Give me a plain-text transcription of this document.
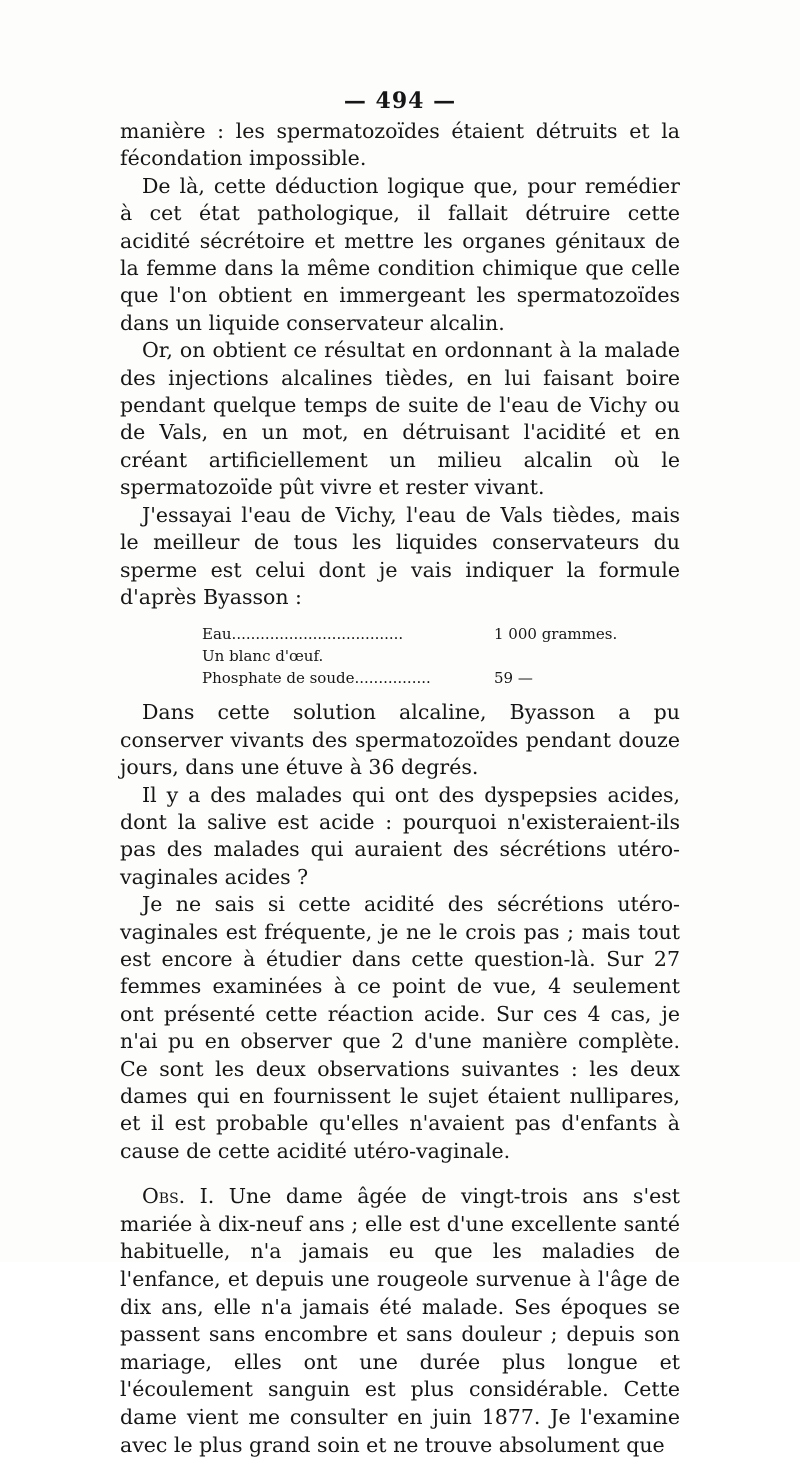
— 494 —

manière : les spermatozoïdes étaient détruits et la fécondation impossible.

De là, cette déduction logique que, pour remédier à cet état pathologique, il fallait détruire cette acidité sécrétoire et mettre les organes génitaux de la femme dans la même condition chimique que celle que l'on obtient en immergeant les spermatozoïdes dans un liquide conservateur alcalin.

Or, on obtient ce résultat en ordonnant à la malade des injections alcalines tièdes, en lui faisant boire pendant quelque temps de suite de l'eau de Vichy ou de Vals, en un mot, en détruisant l'acidité et en créant artificiellement un milieu alcalin où le spermatozoïde pût vivre et rester vivant.

J'essayai l'eau de Vichy, l'eau de Vals tièdes, mais le meilleur de tous les liquides conservateurs du sperme est celui dont je vais indiquer la formule d'après Byasson :

Eau....................................	1 000 grammes.
Un blanc d'œuf.
Phosphate de soude................	59 —

Dans cette solution alcaline, Byasson a pu conserver vivants des spermatozoïdes pendant douze jours, dans une étuve à 36 degrés.

Il y a des malades qui ont des dyspepsies acides, dont la salive est acide : pourquoi n'existeraient-ils pas des malades qui auraient des sécrétions utéro-vaginales acides ?

Je ne sais si cette acidité des sécrétions utéro-vaginales est fréquente, je ne le crois pas ; mais tout est encore à étudier dans cette question-là. Sur 27 femmes examinées à ce point de vue, 4 seulement ont présenté cette réaction acide. Sur ces 4 cas, je n'ai pu en observer que 2 d'une manière complète. Ce sont les deux observations suivantes : les deux dames qui en fournissent le sujet étaient nullipares, et il est probable qu'elles n'avaient pas d'enfants à cause de cette acidité utéro-vaginale.

Obs. I. Une dame âgée de vingt-trois ans s'est mariée à dix-neuf ans ; elle est d'une excellente santé habituelle, n'a jamais eu que les maladies de l'enfance, et depuis une rougeole survenue à l'âge de dix ans, elle n'a jamais été malade. Ses époques se passent sans encombre et sans douleur ; depuis son mariage, elles ont une durée plus longue et l'écoulement sanguin est plus considérable. Cette dame vient me consulter en juin 1877. Je l'examine avec le plus grand soin et ne trouve absolument que
